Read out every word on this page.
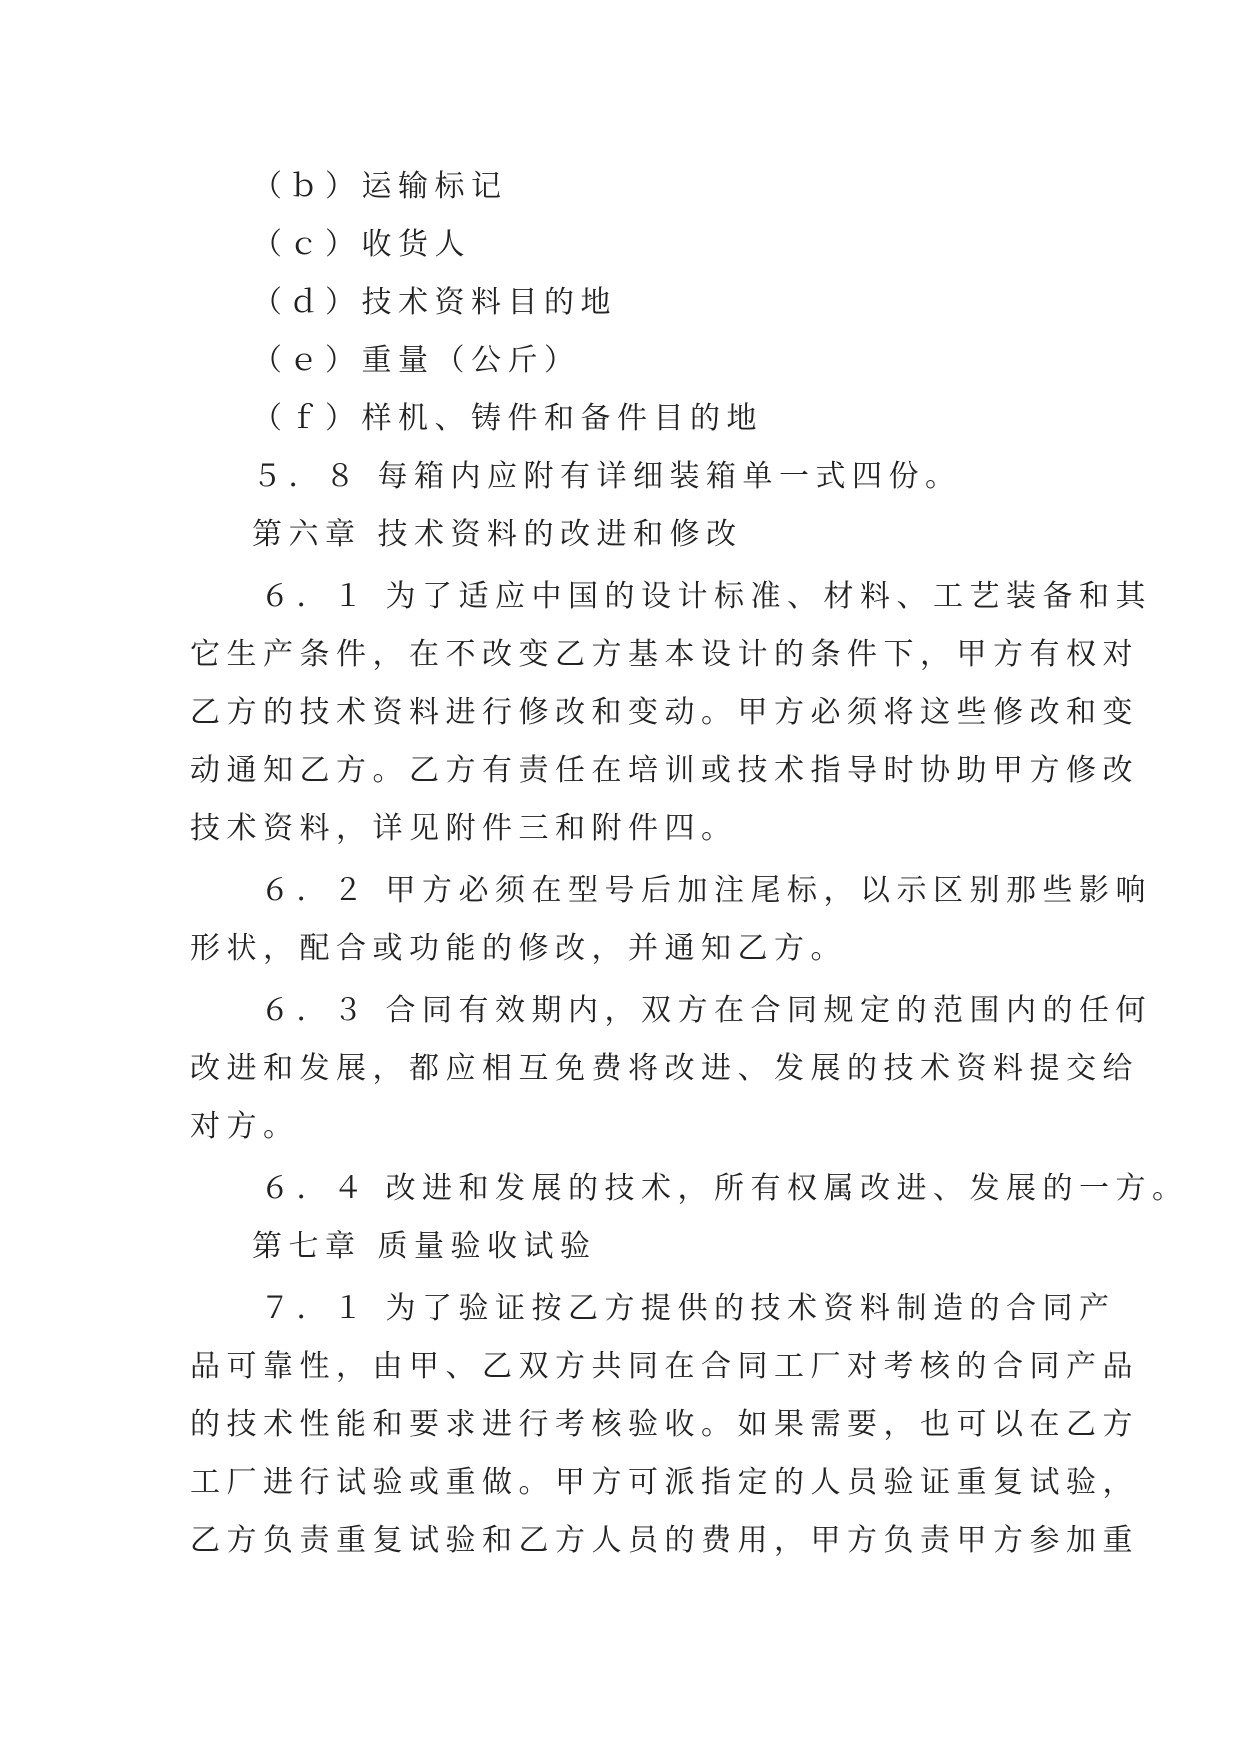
（ｂ）运输标记
（ｃ）收货人
（ｄ）技术资料目的地
（ｅ）重量（公斤）
（ｆ）样机、铸件和备件目的地
５．８ 每箱内应附有详细装箱单一式四份。
第六章 技术资料的改进和修改
６．１ 为了适应中国的设计标准、材料、工艺装备和其
它生产条件，在不改变乙方基本设计的条件下，甲方有权对
乙方的技术资料进行修改和变动。甲方必须将这些修改和变
动通知乙方。乙方有责任在培训或技术指导时协助甲方修改
技术资料，详见附件三和附件四。
６．２ 甲方必须在型号后加注尾标，以示区别那些影响
形状，配合或功能的修改，并通知乙方。
６．３ 合同有效期内，双方在合同规定的范围内的任何
改进和发展，都应相互免费将改进、发展的技术资料提交给
对方。
６．４ 改进和发展的技术，所有权属改进、发展的一方。
第七章 质量验收试验
７．１ 为了验证按乙方提供的技术资料制造的合同产
品可靠性，由甲、乙双方共同在合同工厂对考核的合同产品
的技术性能和要求进行考核验收。如果需要，也可以在乙方
工厂进行试验或重做。甲方可派指定的人员验证重复试验，
乙方负责重复试验和乙方人员的费用，甲方负责甲方参加重
